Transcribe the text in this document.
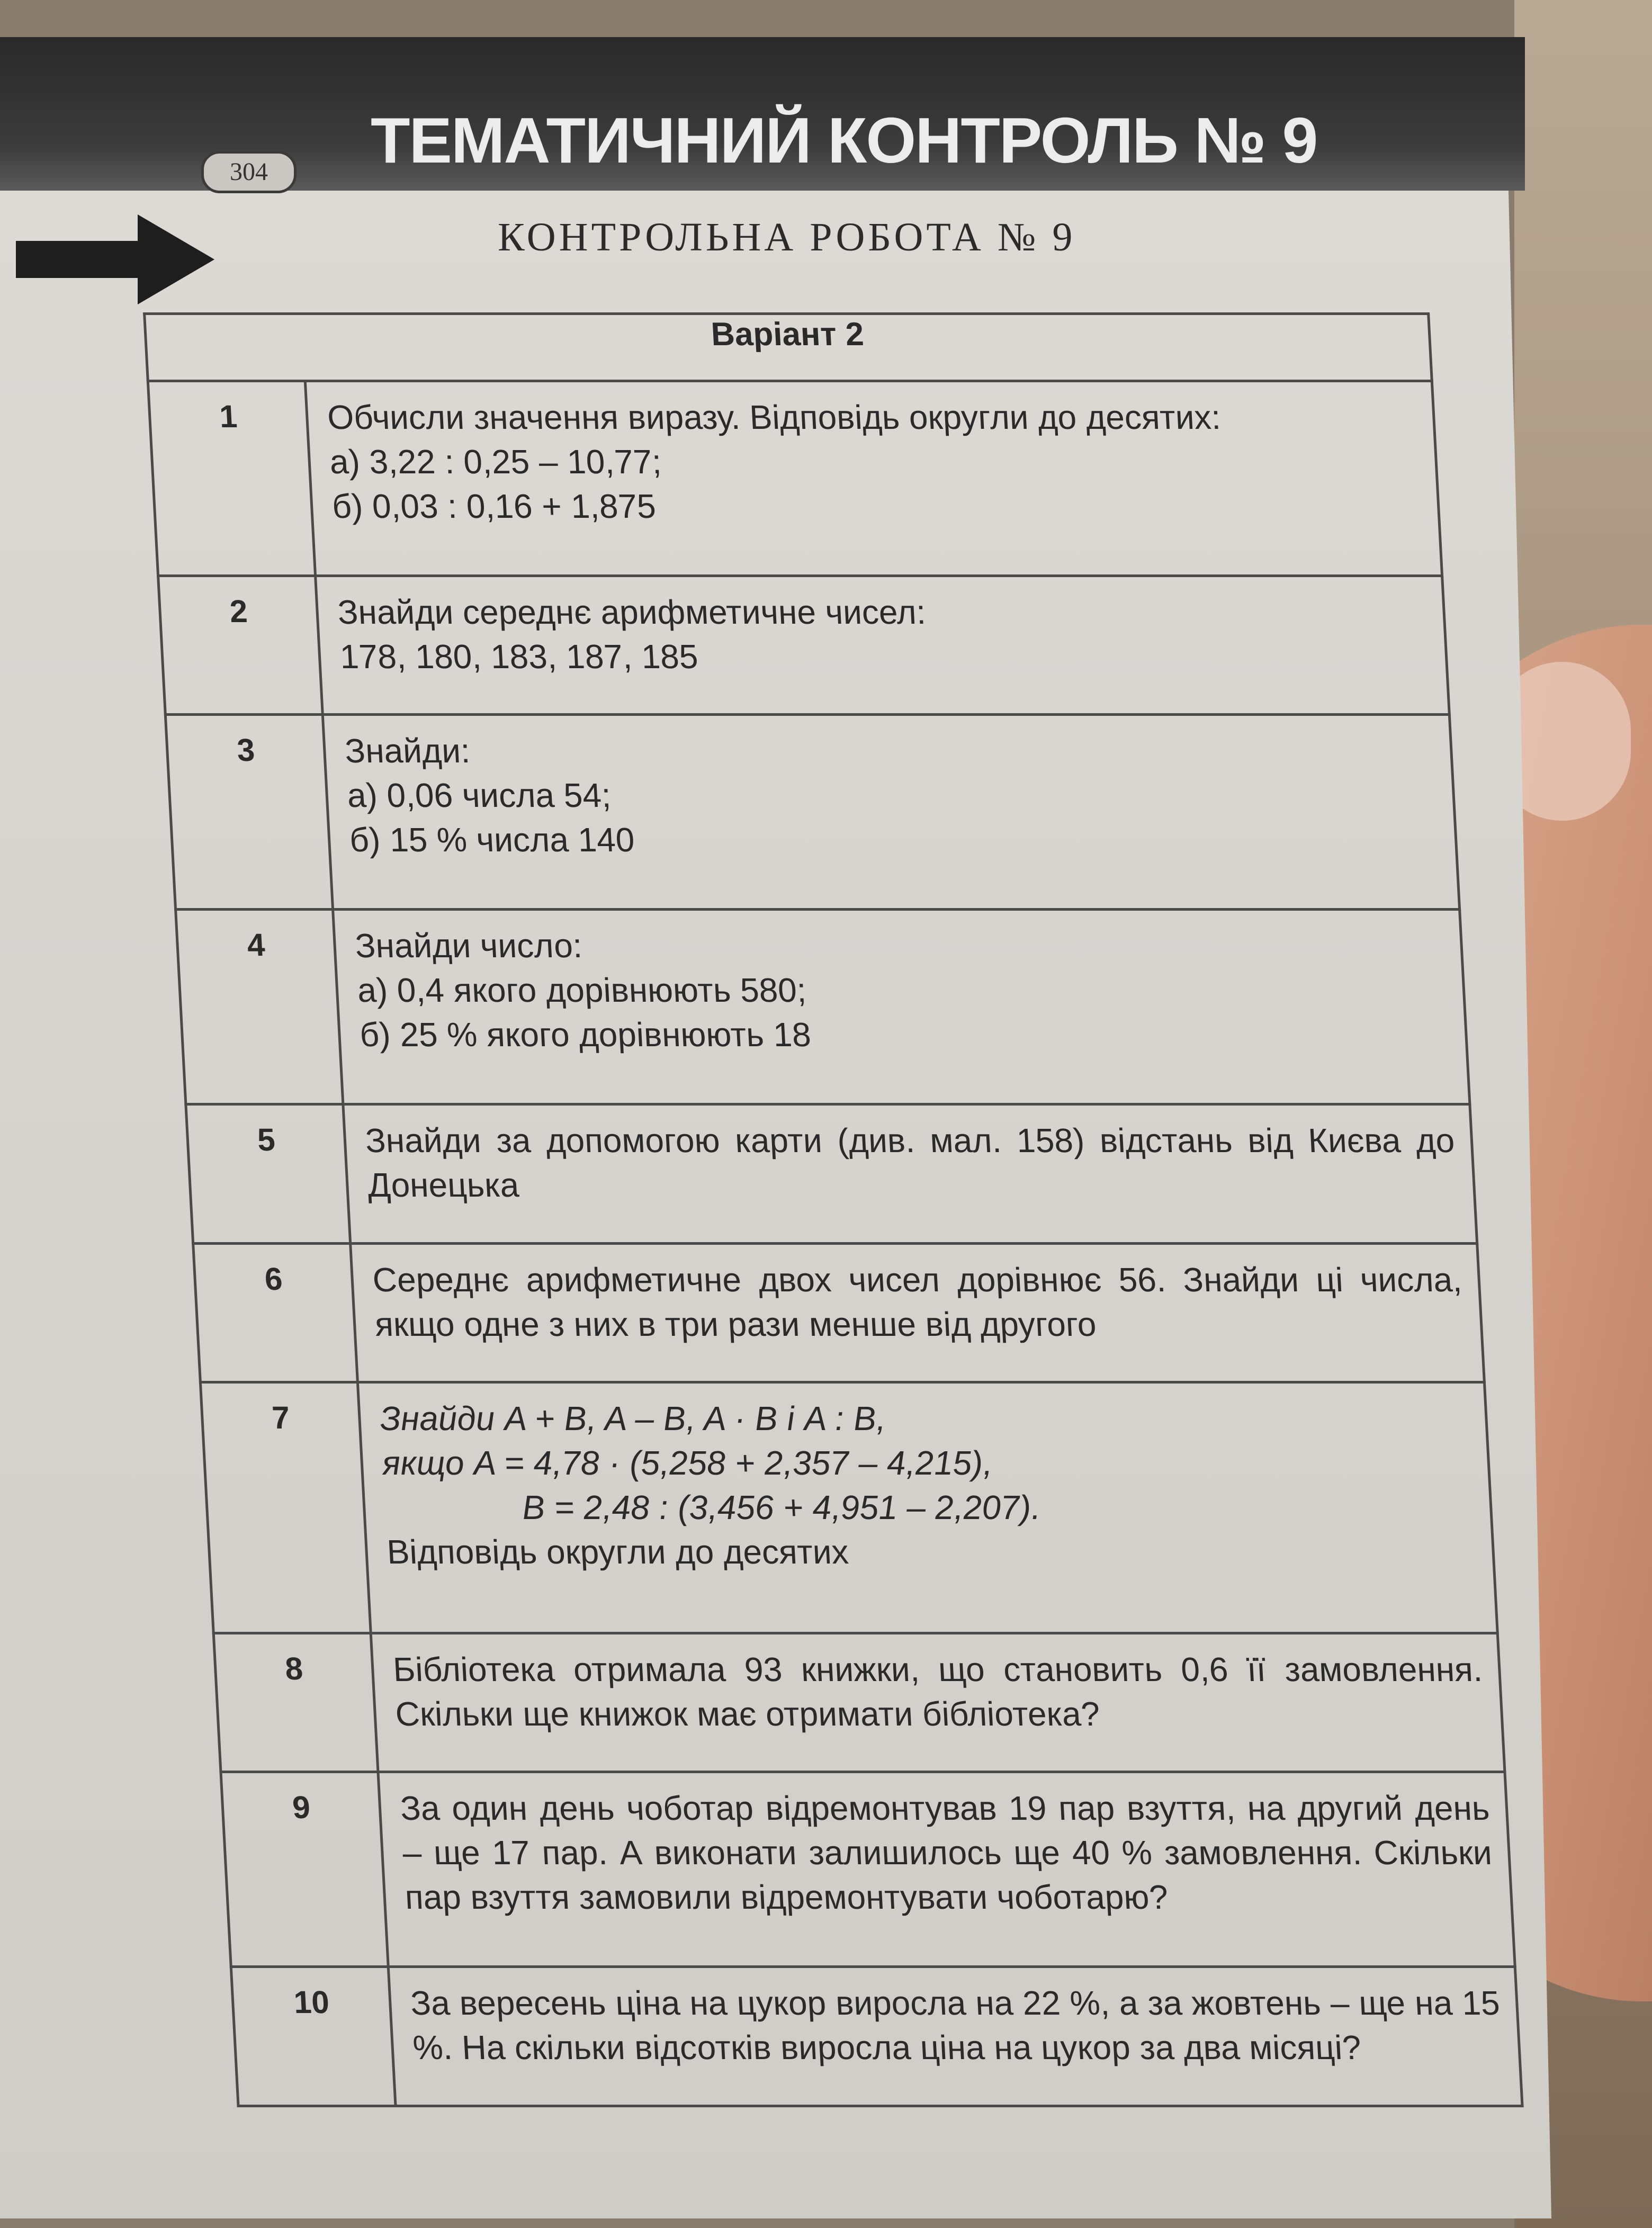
304	ТЕМАТИЧНИЙ КОНТРОЛЬ № 9
КОНТРОЛЬНА РОБОТА № 9
Варіант 2	
1	Обчисли значення виразу. Відповідь округли до десятих:
а) 3,22 : 0,25 – 10,77;
б) 0,03 : 0,16 + 1,875

2	Знайди середнє арифметичне чисел:
178, 180, 183, 187, 185

3	Знайди:
а) 0,06 числа 54;
б) 15 % числа 140

4	Знайди число:
а) 0,4 якого дорівнюють 580;
б) 25 % якого дорівнюють 18

5	Знайди за допомогою карти (див. мал. 158) відстань від Києва до Донецька

6	Середнє арифметичне двох чисел дорівнює 56. Знайди ці числа, якщо одне з них в три рази менше від другого

7	Знайди A + B, A – B, A · B і A : B,
якщо A = 4,78 · (5,258 + 2,357 – 4,215),
B = 2,48 : (3,456 + 4,951 – 2,207).
Відповідь округли до десятих

8	Бібліотека отримала 93 книжки, що становить 0,6 її замовлення. Скільки ще книжок має отримати бібліотека?

9	За один день чоботар відремонтував 19 пар взуття, на другий день – ще 17 пар. А виконати залишилось ще 40 % замовлення. Скільки пар взуття замовили відремонтувати чоботарю?

10	За вересень ціна на цукор виросла на 22 %, а за жовтень – ще на 15 %. На скільки відсотків виросла ціна на цукор за два місяці?
